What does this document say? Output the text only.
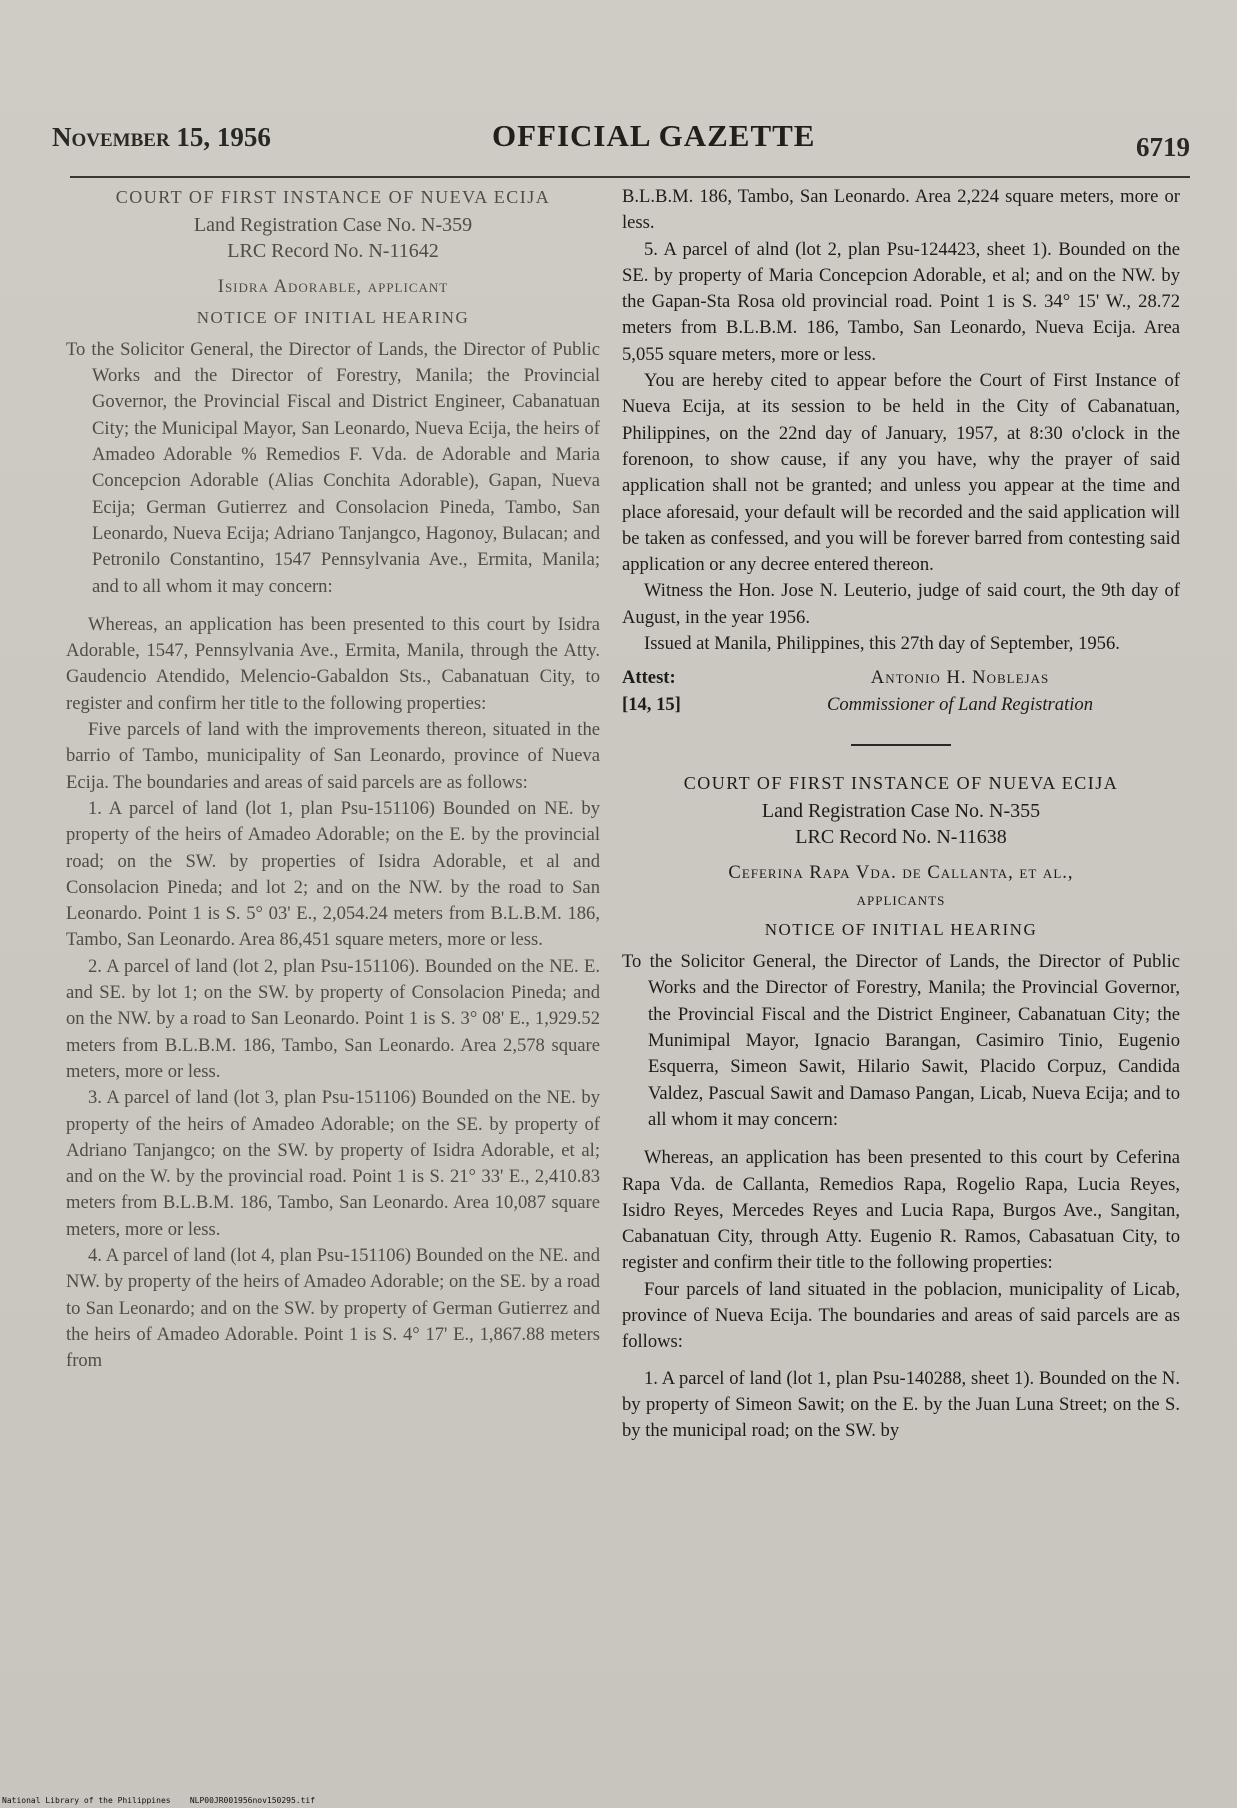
November 15, 1956	OFFICIAL GAZETTE	6719
COURT OF FIRST INSTANCE OF NUEVA ECIJA
Land Registration Case No. N-359
LRC Record No. N-11642
Isidra Adorable, applicant
NOTICE OF INITIAL HEARING

To the Solicitor General, the Director of Lands, the Director of Public Works and the Director of Forestry, Manila; the Provincial Governor, the Provincial Fiscal and District Engineer, Cabanatuan City; the Municipal Mayor, San Leonardo, Nueva Ecija, the heirs of Amadeo Adorable % Remedios F. Vda. de Adorable and Maria Concepcion Adorable (Alias Conchita Adorable), Gapan, Nueva Ecija; German Gutierrez and Consolacion Pineda, Tambo, San Leonardo, Nueva Ecija; Adriano Tanjangco, Hagonoy, Bulacan; and Petronilo Constantino, 1547 Pennsylvania Ave., Ermita, Manila; and to all whom it may concern:

Whereas, an application has been presented to this court by Isidra Adorable, 1547, Pennsylvania Ave., Ermita, Manila, through the Atty. Gaudencio Atendido, Melencio-Gabaldon Sts., Cabanatuan City, to register and confirm her title to the following properties:

Five parcels of land with the improvements thereon, situated in the barrio of Tambo, municipality of San Leonardo, province of Nueva Ecija. The boundaries and areas of said parcels are as follows:

1. A parcel of land (lot 1, plan Psu-151106) Bounded on NE. by property of the heirs of Amadeo Adorable; on the E. by the provincial road; on the SW. by properties of Isidra Adorable, et al and Consolacion Pineda; and lot 2; and on the NW. by the road to San Leonardo. Point 1 is S. 5° 03' E., 2,054.24 meters from B.L.B.M. 186, Tambo, San Leonardo. Area 86,451 square meters, more or less.

2. A parcel of land (lot 2, plan Psu-151106). Bounded on the NE. E. and SE. by lot 1; on the SW. by property of Consolacion Pineda; and on the NW. by a road to San Leonardo. Point 1 is S. 3° 08' E., 1,929.52 meters from B.L.B.M. 186, Tambo, San Leonardo. Area 2,578 square meters, more or less.

3. A parcel of land (lot 3, plan Psu-151106) Bounded on the NE. by property of the heirs of Amadeo Adorable; on the SE. by property of Adriano Tanjangco; on the SW. by property of Isidra Adorable, et al; and on the W. by the provincial road. Point 1 is S. 21° 33' E., 2,410.83 meters from B.L.B.M. 186, Tambo, San Leonardo. Area 10,087 square meters, more or less.

4. A parcel of land (lot 4, plan Psu-151106) Bounded on the NE. and NW. by property of the heirs of Amadeo Adorable; on the SE. by a road to San Leonardo; and on the SW. by property of German Gutierrez and the heirs of Amadeo Adorable. Point 1 is S. 4° 17' E., 1,867.88 meters from

B.L.B.M. 186, Tambo, San Leonardo. Area 2,224 square meters, more or less.

5. A parcel of alnd (lot 2, plan Psu-124423, sheet 1). Bounded on the SE. by property of Maria Concepcion Adorable, et al; and on the NW. by the Gapan-Sta Rosa old provincial road. Point 1 is S. 34° 15' W., 28.72 meters from B.L.B.M. 186, Tambo, San Leonardo, Nueva Ecija. Area 5,055 square meters, more or less.

You are hereby cited to appear before the Court of First Instance of Nueva Ecija, at its session to be held in the City of Cabanatuan, Philippines, on the 22nd day of January, 1957, at 8:30 o'clock in the forenoon, to show cause, if any you have, why the prayer of said application shall not be granted; and unless you appear at the time and place aforesaid, your default will be recorded and the said application will be taken as confessed, and you will be forever barred from contesting said application or any decree entered thereon.

Witness the Hon. Jose N. Leuterio, judge of said court, the 9th day of August, in the year 1956.

Issued at Manila, Philippines, this 27th day of September, 1956.

Attest:	Antonio H. Noblejas
[14, 15]	Commissioner of Land Registration
COURT OF FIRST INSTANCE OF NUEVA ECIJA
Land Registration Case No. N-355
LRC Record No. N-11638
Ceferina Rapa Vda. de Callanta, et al.,
applicants
NOTICE OF INITIAL HEARING

To the Solicitor General, the Director of Lands, the Director of Public Works and the Director of Forestry, Manila; the Provincial Governor, the Provincial Fiscal and the District Engineer, Cabanatuan City; the Munimipal Mayor, Ignacio Barangan, Casimiro Tinio, Eugenio Esquerra, Simeon Sawit, Hilario Sawit, Placido Corpuz, Candida Valdez, Pascual Sawit and Damaso Pangan, Licab, Nueva Ecija; and to all whom it may concern:

Whereas, an application has been presented to this court by Ceferina Rapa Vda. de Callanta, Remedios Rapa, Rogelio Rapa, Lucia Reyes, Isidro Reyes, Mercedes Reyes and Lucia Rapa, Burgos Ave., Sangitan, Cabanatuan City, through Atty. Eugenio R. Ramos, Cabasatuan City, to register and confirm their title to the following properties:

Four parcels of land situated in the poblacion, municipality of Licab, province of Nueva Ecija. The boundaries and areas of said parcels are as follows:

1. A parcel of land (lot 1, plan Psu-140288, sheet 1). Bounded on the N. by property of Simeon Sawit; on the E. by the Juan Luna Street; on the S. by the municipal road; on the SW. by

National Library of the Philippines    NLP00JR001956nov150295.tif
